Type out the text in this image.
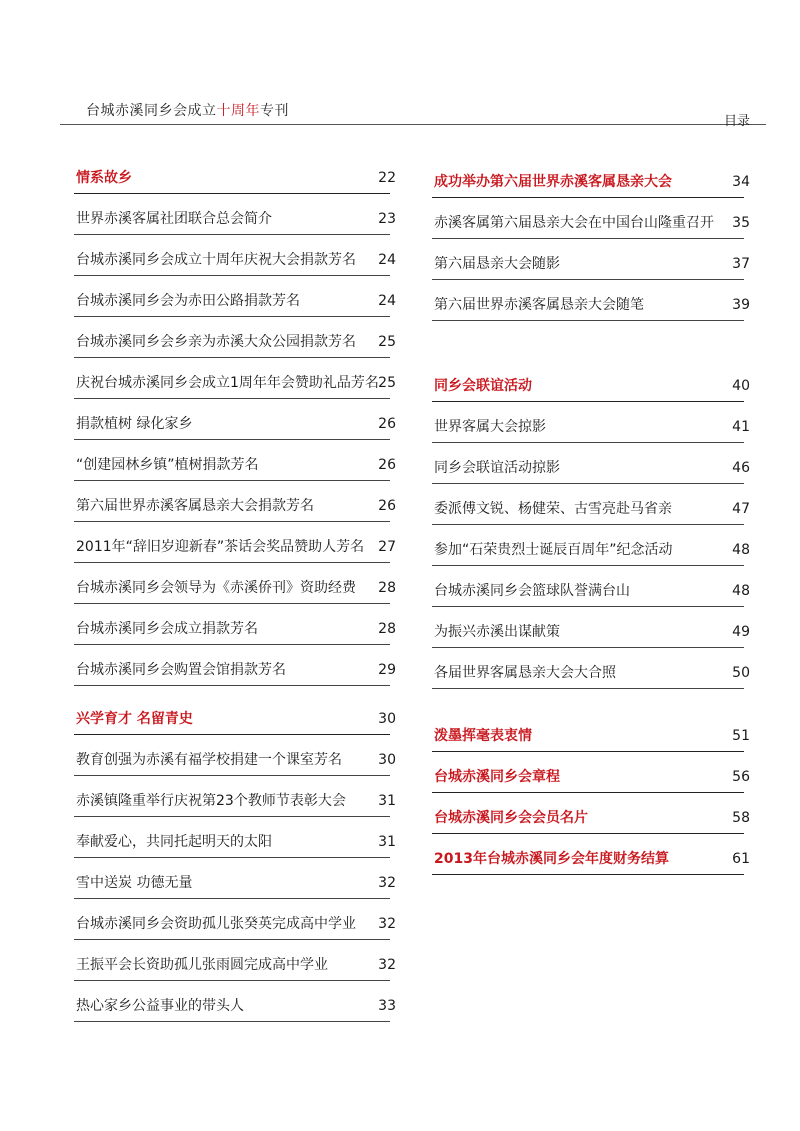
台城赤溪同乡会成立十周年专刊
目录
情系故乡	22
世界赤溪客属社团联合总会简介	23
台城赤溪同乡会成立十周年庆祝大会捐款芳名 24
台城赤溪同乡会为赤田公路捐款芳名	24
台城赤溪同乡会乡亲为赤溪大众公园捐款芳名 25
庆祝台城赤溪同乡会成立1周年年会赞助礼品芳名 25
捐款植树 绿化家乡	26
“创建园林乡镇”植树捐款芳名	26
第六届世界赤溪客属恳亲大会捐款芳名	26
2011年“辞旧岁迎新春”茶话会奖品赞助人芳名 27
台城赤溪同乡会领导为《赤溪侨刊》资助经费 28
台城赤溪同乡会成立捐款芳名	28
台城赤溪同乡会购置会馆捐款芳名	29
兴学育才 名留青史	30
教育创强为赤溪有福学校捐建一个课室芳名	30
赤溪镇隆重举行庆祝第23个教师节表彰大会 31
奉献爱心，共同托起明天的太阳	31
雪中送炭 功德无量	32
台城赤溪同乡会资助孤儿张癸英完成高中学业 32
王振平会长资助孤儿张雨圆完成高中学业	32
热心家乡公益事业的带头人	33
成功举办第六届世界赤溪客属恳亲大会	34
赤溪客属第六届恳亲大会在中国台山隆重召开 35
第六届恳亲大会随影	37
第六届世界赤溪客属恳亲大会随笔	39
同乡会联谊活动	40
世界客属大会掠影	41
同乡会联谊活动掠影	46
委派傅文锐、杨健荣、古雪亮赴马省亲	47
参加“石荣贵烈士诞辰百周年”纪念活动	48
台城赤溪同乡会篮球队誉满台山	48
为振兴赤溪出谋献策	49
各届世界客属恳亲大会大合照	50
泼墨挥毫表衷情	51
台城赤溪同乡会章程	56
台城赤溪同乡会会员名片	58
2013年台城赤溪同乡会年度财务结算	61
